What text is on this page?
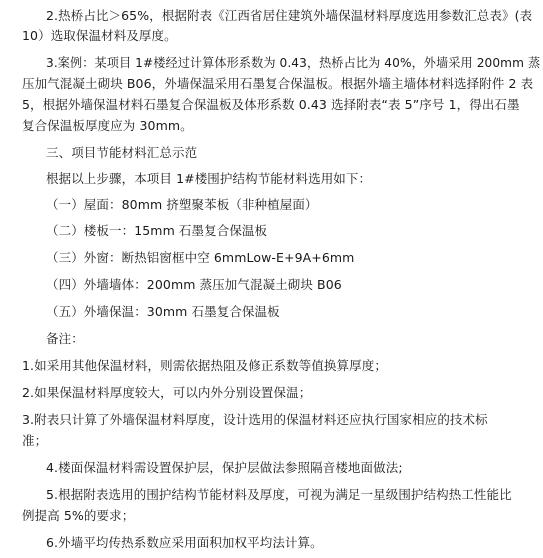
2.热桥占比＞65%，根据附表《江西省居住建筑外墙保温材料厚度选用参数汇总表》(表
10）选取保温材料及厚度。
3.案例：某项目 1#楼经过计算体形系数为 0.43，热桥占比为 40%，外墙采用 200mm 蒸
压加气混凝土砌块 B06，外墙保温采用石墨复合保温板。根据外墙主墙体材料选择附件 2 表
5，根据外墙保温材料石墨复合保温板及体形系数 0.43 选择附表“表 5”序号 1，得出石墨
复合保温板厚度应为 30mm。
三、项目节能材料汇总示范
根据以上步骤，本项目 1#楼围护结构节能材料选用如下：
（一）屋面：80mm 挤塑聚苯板（非种植屋面）
（二）楼板一：15mm 石墨复合保温板
（三）外窗：断热铝窗框中空 6mmLow-E+9A+6mm
（四）外墙墙体：200mm 蒸压加气混凝土砌块 B06
（五）外墙保温：30mm 石墨复合保温板
备注：
1.如采用其他保温材料，则需依据热阻及修正系数等值换算厚度；
2.如果保温材料厚度较大，可以内外分别设置保温；
3.附表只计算了外墙保温材料厚度，设计选用的保温材料还应执行国家相应的技术标
准；
4.楼面保温材料需设置保护层，保护层做法参照隔音楼地面做法;
5.根据附表选用的围护结构节能材料及厚度，可视为满足一星级围护结构热工性能比
例提高 5%的要求；
6.外墙平均传热系数应采用面积加权平均法计算。
